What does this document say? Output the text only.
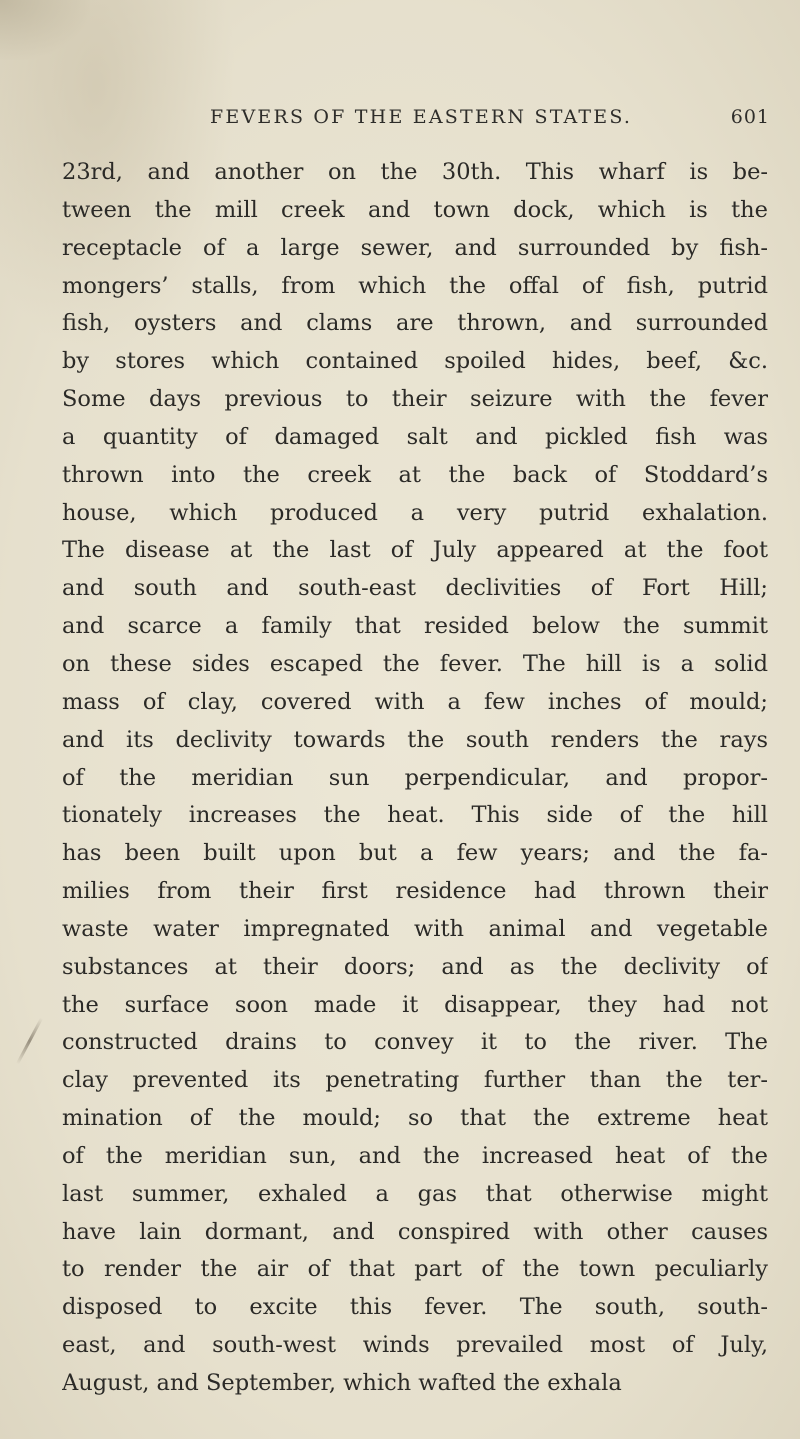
FEVERS OF THE EASTERN STATES.	601
23rd, and another on the 30th. This wharf is be-
tween the mill creek and town dock, which is the
receptacle of a large sewer, and surrounded by fish-
mongers’ stalls, from which the offal of fish, putrid
fish, oysters and clams are thrown, and surrounded
by stores which contained spoiled hides, beef, &c.
Some days previous to their seizure with the fever
a quantity of damaged salt and pickled fish was
thrown into the creek at the back of Stoddard’s
house, which produced a very putrid exhalation.
The disease at the last of July appeared at the foot
and south and south-east declivities of Fort Hill;
and scarce a family that resided below the summit
on these sides escaped the fever. The hill is a solid
mass of clay, covered with a few inches of mould;
and its declivity towards the south renders the rays
of the meridian sun perpendicular, and propor-
tionately increases the heat. This side of the hill
has been built upon but a few years; and the fa-
milies from their first residence had thrown their
waste water impregnated with animal and vegetable
substances at their doors; and as the declivity of
the surface soon made it disappear, they had not
constructed drains to convey it to the river. The
clay prevented its penetrating further than the ter-
mination of the mould; so that the extreme heat
of the meridian sun, and the increased heat of the
last summer, exhaled a gas that otherwise might
have lain dormant, and conspired with other causes
to render the air of that part of the town peculiarly
disposed to excite this fever. The south, south-
east, and south-west winds prevailed most of July,
August, and September, which wafted the exhala
